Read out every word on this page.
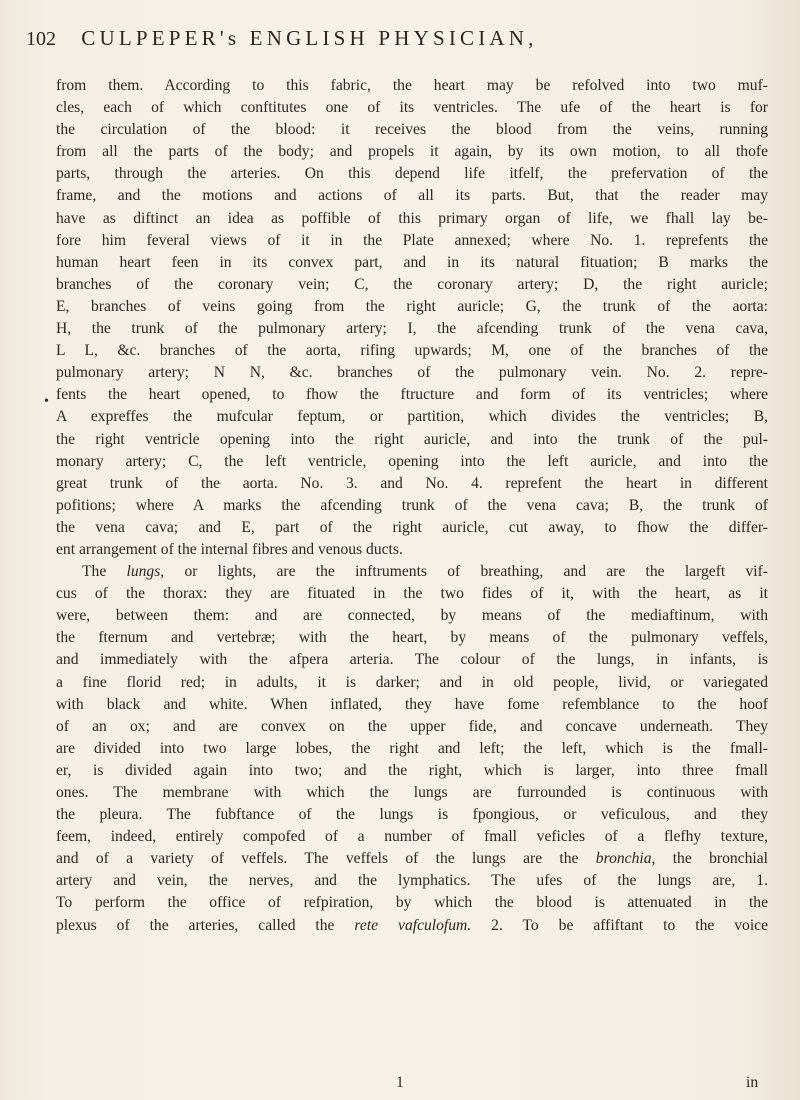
102 CULPEPER's ENGLISH PHYSICIAN,
•
from them. According to this fabric, the heart may be refolved into two muf-
cles, each of which conftitutes one of its ventricles. The ufe of the heart is for
the circulation of the blood: it receives the blood from the veins, running
from all the parts of the body; and propels it again, by its own motion, to all thofe
parts, through the arteries. On this depend life itfelf, the prefervation of the
frame, and the motions and actions of all its parts. But, that the reader may
have as diftinct an idea as poffible of this primary organ of life, we fhall lay be-
fore him feveral views of it in the Plate annexed; where No. 1. reprefents the
human heart feen in its convex part, and in its natural fituation; B marks the
branches of the coronary vein; C, the coronary artery; D, the right auricle;
E, branches of veins going from the right auricle; G, the trunk of the aorta:
H, the trunk of the pulmonary artery; I, the afcending trunk of the vena cava,
L L, &c. branches of the aorta, rifing upwards; M, one of the branches of the
pulmonary artery; N N, &c. branches of the pulmonary vein. No. 2. repre-
fents the heart opened, to fhow the ftructure and form of its ventricles; where
A expreffes the mufcular feptum, or partition, which divides the ventricles; B,
the right ventricle opening into the right auricle, and into the trunk of the pul-
monary artery; C, the left ventricle, opening into the left auricle, and into the
great trunk of the aorta. No. 3. and No. 4. reprefent the heart in different
pofitions; where A marks the afcending trunk of the vena cava; B, the trunk of
the vena cava; and E, part of the right auricle, cut away, to fhow the differ-
ent arrangement of the internal fibres and venous ducts.
The lungs, or lights, are the inftruments of breathing, and are the largeft vif-
cus of the thorax: they are fituated in the two fides of it, with the heart, as it
were, between them: and are connected, by means of the mediaftinum, with
the fternum and vertebræ; with the heart, by means of the pulmonary veffels,
and immediately with the afpera arteria. The colour of the lungs, in infants, is
a fine florid red; in adults, it is darker; and in old people, livid, or variegated
with black and white. When inflated, they have fome refemblance to the hoof
of an ox; and are convex on the upper fide, and concave underneath. They
are divided into two large lobes, the right and left; the left, which is the fmall-
er, is divided again into two; and the right, which is larger, into three fmall
ones. The membrane with which the lungs are furrounded is continuous with
the pleura. The fubftance of the lungs is fpongious, or veficulous, and they
feem, indeed, entirely compofed of a number of fmall veficles of a flefhy texture,
and of a variety of veffels. The veffels of the lungs are the bronchia, the bronchial
artery and vein, the nerves, and the lymphatics. The ufes of the lungs are, 1.
To perform the office of refpiration, by which the blood is attenuated in the
plexus of the arteries, called the rete vafculofum. 2. To be affiftant to the voice
1	in
